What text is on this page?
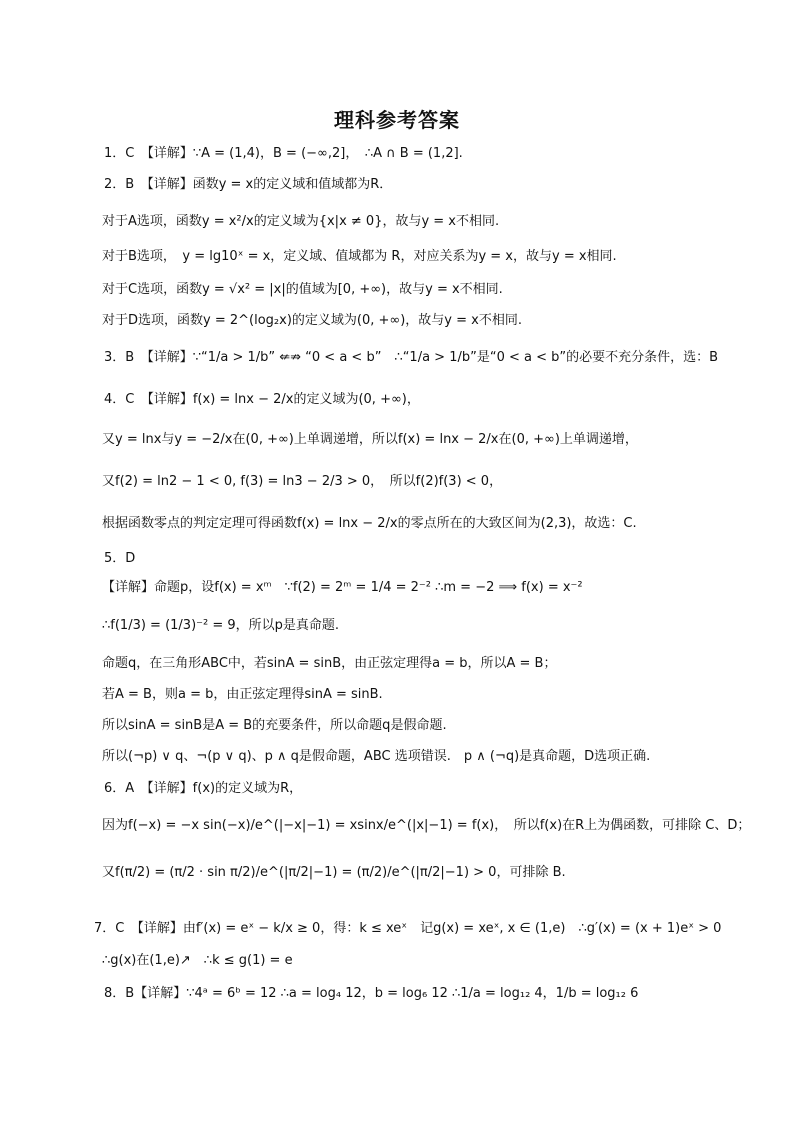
理科参考答案
1．C　【详解】∵A = (1,4)，B = (−∞,2]，　∴A ∩ B = (1,2].
2．B　【详解】函数y = x的定义域和值域都为R．
对于A选项，函数y = x²/x的定义域为{x|x ≠ 0}，故与y = x不相同.
对于B选项，　y = lg10ˣ = x，定义域、值域都为 R，对应关系为y = x，故与y = x相同.
对于C选项，函数y = √x² = |x|的值域为[0, +∞)，故与y = x不相同.
对于D选项，函数y = 2^(log₂x)的定义域为(0, +∞)，故与y = x不相同.
3．B　【详解】∵“1/a > 1/b” ⇍⇏ “0 < a < b”　∴“1/a > 1/b”是“0 < a < b”的必要不充分条件，选：B
4．C　【详解】f(x) = lnx − 2/x的定义域为(0, +∞)，
又y = lnx与y = −2/x在(0, +∞)上单调递增，所以f(x) = lnx − 2/x在(0, +∞)上单调递增，
又f(2) = ln2 − 1 < 0, f(3) = ln3 − 2/3 > 0，　所以f(2)f(3) < 0，
根据函数零点的判定定理可得函数f(x) = lnx − 2/x的零点所在的大致区间为(2,3)，故选：C.
5．D
【详解】命题p，设f(x) = xᵐ　∵f(2) = 2ᵐ = 1/4 = 2⁻² ∴m = −2 ⟹ f(x) = x⁻²
∴f(1/3) = (1/3)⁻² = 9，所以p是真命题.
命题q，在三角形ABC中，若sinA = sinB，由正弦定理得a = b，所以A = B；
若A = B，则a = b，由正弦定理得sinA = sinB.
所以sinA = sinB是A = B的充要条件，所以命题q是假命题.
所以(¬p) ∨ q、¬(p ∨ q)、p ∧ q是假命题，ABC 选项错误.　p ∧ (¬q)是真命题，D选项正确.
6．A　【详解】f(x)的定义域为R，
因为f(−x) = −x sin(−x)/e^(|−x|−1) = xsinx/e^(|x|−1) = f(x)，　所以f(x)在R上为偶函数，可排除 C、D；
又f(π/2) = (π/2 · sin π/2)/e^(|π/2|−1) = (π/2)/e^(|π/2|−1) > 0，可排除 B.
7．C　【详解】由f′(x) = eˣ − k/x ≥ 0，得：k ≤ xeˣ　记g(x) = xeˣ, x ∈ (1,e)　∴g′(x) = (x + 1)eˣ > 0
∴g(x)在(1,e)↗　∴k ≤ g(1) = e
8．B【详解】∵4ᵃ = 6ᵇ = 12 ∴a = log₄ 12，b = log₆ 12 ∴1/a = log₁₂ 4，1/b = log₁₂ 6
